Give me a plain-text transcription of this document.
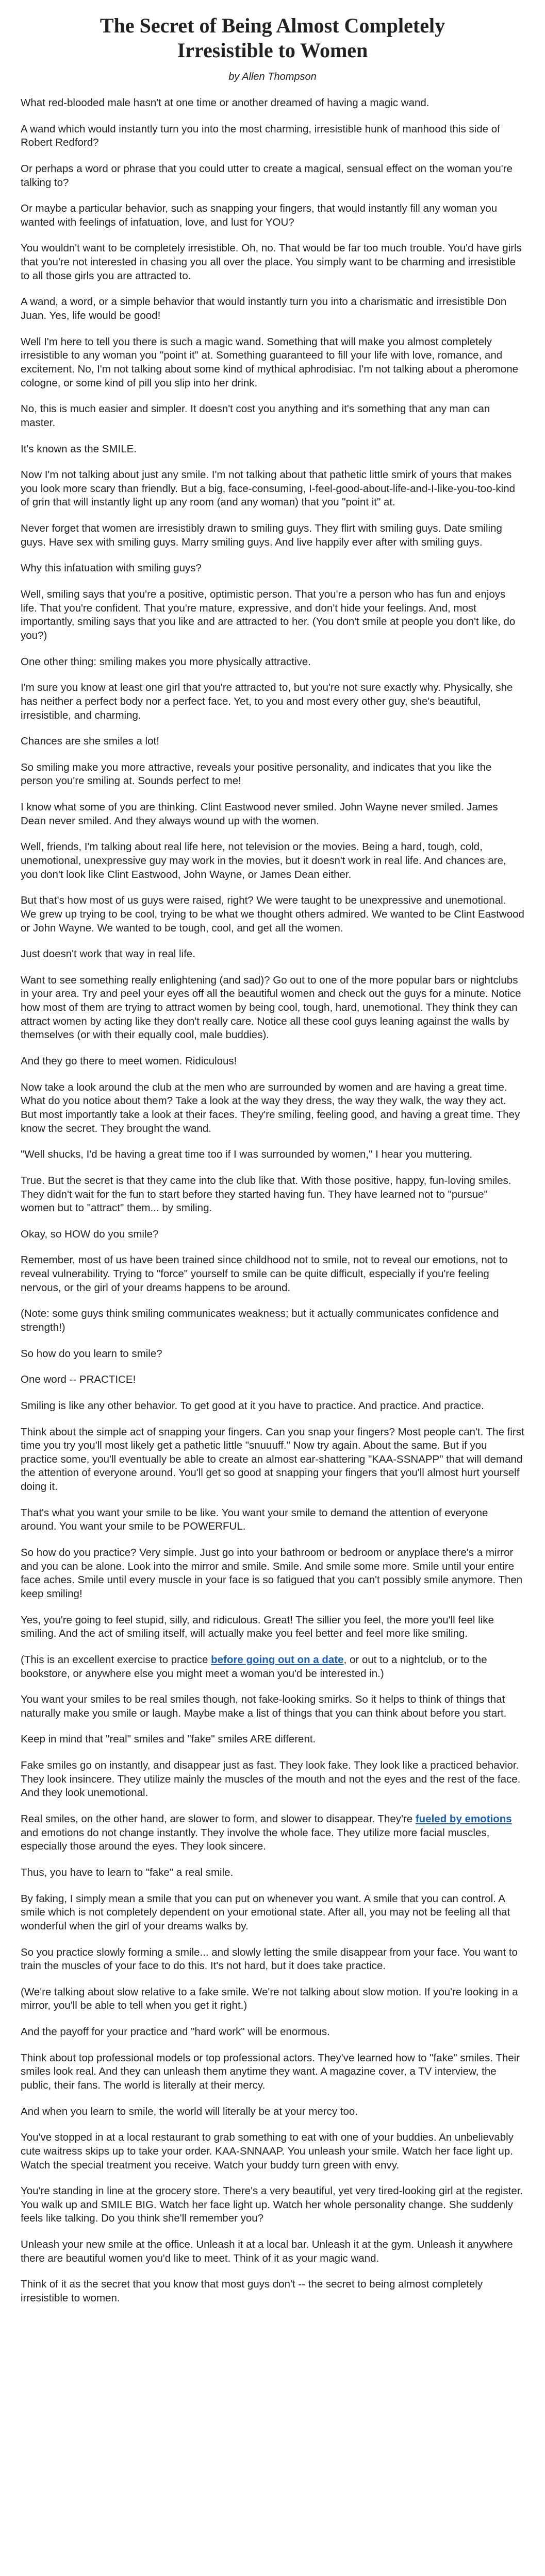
The Secret of Being Almost Completely Irresistible to Women
by Allen Thompson

What red-blooded male hasn't at one time or another dreamed of having a magic wand.

A wand which would instantly turn you into the most charming, irresistible hunk of manhood this side of Robert Redford?

Or perhaps a word or phrase that you could utter to create a magical, sensual effect on the woman you're talking to?

Or maybe a particular behavior, such as snapping your fingers, that would instantly fill any woman you wanted with feelings of infatuation, love, and lust for YOU?

You wouldn't want to be completely irresistible. Oh, no. That would be far too much trouble. You'd have girls that you're not interested in chasing you all over the place. You simply want to be charming and irresistible to all those girls you are attracted to.

A wand, a word, or a simple behavior that would instantly turn you into a charismatic and irresistible Don Juan. Yes, life would be good!

Well I'm here to tell you there is such a magic wand. Something that will make you almost completely irresistible to any woman you "point it" at. Something guaranteed to fill your life with love, romance, and excitement. No, I'm not talking about some kind of mythical aphrodisiac. I'm not talking about a pheromone cologne, or some kind of pill you slip into her drink.

No, this is much easier and simpler. It doesn't cost you anything and it's something that any man can master.

It's known as the SMILE.

Now I'm not talking about just any smile. I'm not talking about that pathetic little smirk of yours that makes you look more scary than friendly. But a big, face-consuming, I-feel-good-about-life-and-I-like-you-too-kind of grin that will instantly light up any room (and any woman) that you "point it" at.

Never forget that women are irresistibly drawn to smiling guys. They flirt with smiling guys. Date smiling guys. Have sex with smiling guys. Marry smiling guys. And live happily ever after with smiling guys.

Why this infatuation with smiling guys?

Well, smiling says that you're a positive, optimistic person. That you're a person who has fun and enjoys life. That you're confident. That you're mature, expressive, and don't hide your feelings. And, most importantly, smiling says that you like and are attracted to her. (You don't smile at people you don't like, do you?)

One other thing: smiling makes you more physically attractive.

I'm sure you know at least one girl that you're attracted to, but you're not sure exactly why. Physically, she has neither a perfect body nor a perfect face. Yet, to you and most every other guy, she's beautiful, irresistible, and charming.

Chances are she smiles a lot!

So smiling make you more attractive, reveals your positive personality, and indicates that you like the person you're smiling at. Sounds perfect to me!

I know what some of you are thinking. Clint Eastwood never smiled. John Wayne never smiled. James Dean never smiled. And they always wound up with the women.

Well, friends, I'm talking about real life here, not television or the movies. Being a hard, tough, cold, unemotional, unexpressive guy may work in the movies, but it doesn't work in real life. And chances are, you don't look like Clint Eastwood, John Wayne, or James Dean either.

But that's how most of us guys were raised, right? We were taught to be unexpressive and unemotional. We grew up trying to be cool, trying to be what we thought others admired. We wanted to be Clint Eastwood or John Wayne. We wanted to be tough, cool, and get all the women.

Just doesn't work that way in real life.

Want to see something really enlightening (and sad)? Go out to one of the more popular bars or nightclubs in your area. Try and peel your eyes off all the beautiful women and check out the guys for a minute. Notice how most of them are trying to attract women by being cool, tough, hard, unemotional. They think they can attract women by acting like they don't really care. Notice all these cool guys leaning against the walls by themselves (or with their equally cool, male buddies).

And they go there to meet women. Ridiculous!

Now take a look around the club at the men who are surrounded by women and are having a great time. What do you notice about them? Take a look at the way they dress, the way they walk, the way they act. But most importantly take a look at their faces. They're smiling, feeling good, and having a great time. They know the secret. They brought the wand.

"Well shucks, I'd be having a great time too if I was surrounded by women," I hear you muttering.

True. But the secret is that they came into the club like that. With those positive, happy, fun-loving smiles. They didn't wait for the fun to start before they started having fun. They have learned not to "pursue" women but to "attract" them... by smiling.

Okay, so HOW do you smile?

Remember, most of us have been trained since childhood not to smile, not to reveal our emotions, not to reveal vulnerability. Trying to "force" yourself to smile can be quite difficult, especially if you're feeling nervous, or the girl of your dreams happens to be around.

(Note: some guys think smiling communicates weakness; but it actually communicates confidence and strength!)

So how do you learn to smile?

One word -- PRACTICE!

Smiling is like any other behavior. To get good at it you have to practice. And practice. And practice.

Think about the simple act of snapping your fingers. Can you snap your fingers? Most people can't. The first time you try you'll most likely get a pathetic little "snuuuff." Now try again. About the same. But if you practice some, you'll eventually be able to create an almost ear-shattering "KAA-SSNAPP" that will demand the attention of everyone around. You'll get so good at snapping your fingers that you'll almost hurt yourself doing it.

That's what you want your smile to be like. You want your smile to demand the attention of everyone around. You want your smile to be POWERFUL.

So how do you practice? Very simple. Just go into your bathroom or bedroom or anyplace there's a mirror and you can be alone. Look into the mirror and smile. Smile. And smile some more. Smile until your entire face aches. Smile until every muscle in your face is so fatigued that you can't possibly smile anymore. Then keep smiling!

Yes, you're going to feel stupid, silly, and ridiculous. Great! The sillier you feel, the more you'll feel like smiling. And the act of smiling itself, will actually make you feel better and feel more like smiling.

(This is an excellent exercise to practice before going out on a date, or out to a nightclub, or to the bookstore, or anywhere else you might meet a woman you'd be interested in.)

You want your smiles to be real smiles though, not fake-looking smirks. So it helps to think of things that naturally make you smile or laugh. Maybe make a list of things that you can think about before you start.

Keep in mind that "real" smiles and "fake" smiles ARE different.

Fake smiles go on instantly, and disappear just as fast. They look fake. They look like a practiced behavior. They look insincere. They utilize mainly the muscles of the mouth and not the eyes and the rest of the face. And they look unemotional.

Real smiles, on the other hand, are slower to form, and slower to disappear. They're fueled by emotions and emotions do not change instantly. They involve the whole face. They utilize more facial muscles, especially those around the eyes. They look sincere.

Thus, you have to learn to "fake" a real smile.

By faking, I simply mean a smile that you can put on whenever you want. A smile that you can control. A smile which is not completely dependent on your emotional state. After all, you may not be feeling all that wonderful when the girl of your dreams walks by.

So you practice slowly forming a smile... and slowly letting the smile disappear from your face. You want to train the muscles of your face to do this. It's not hard, but it does take practice.

(We're talking about slow relative to a fake smile. We're not talking about slow motion. If you're looking in a mirror, you'll be able to tell when you get it right.)

And the payoff for your practice and "hard work" will be enormous.

Think about top professional models or top professional actors. They've learned how to "fake" smiles. Their smiles look real. And they can unleash them anytime they want. A magazine cover, a TV interview, the public, their fans. The world is literally at their mercy.

And when you learn to smile, the world will literally be at your mercy too.

You've stopped in at a local restaurant to grab something to eat with one of your buddies. An unbelievably cute waitress skips up to take your order. KAA-SNNAAP. You unleash your smile. Watch her face light up. Watch the special treatment you receive. Watch your buddy turn green with envy.

You're standing in line at the grocery store. There's a very beautiful, yet very tired-looking girl at the register. You walk up and SMILE BIG. Watch her face light up. Watch her whole personality change. She suddenly feels like talking. Do you think she'll remember you?

Unleash your new smile at the office. Unleash it at a local bar. Unleash it at the gym. Unleash it anywhere there are beautiful women you'd like to meet. Think of it as your magic wand.

Think of it as the secret that you know that most guys don't -- the secret to being almost completely irresistible to women.
